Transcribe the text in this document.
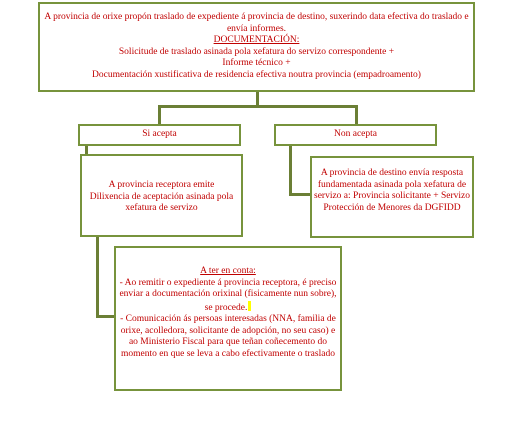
A provincia de orixe propón traslado de expediente á provincia de destino, suxerindo data efectiva do traslado e envía informes.
DOCUMENTACIÓN:
Solicitude de traslado asinada pola xefatura do servizo correspondente +
Informe técnico +
Documentación xustificativa de residencia efectiva noutra provincia (empadroamento)
Si acepta	Non acepta
A provincia receptora emite Dilixencia de aceptación asinada pola xefatura de servizo
A provincia de destino envía resposta fundamentada asinada pola xefatura de servizo a: Provincia solicitante + Servizo Protección de Menores da DGFIDD
A ter en conta:
- Ao remitir o expediente á provincia receptora, é preciso enviar a documentación orixinal (fisicamente nun sobre), se procede.
- Comunicación ás persoas interesadas (NNA, familia de orixe, acolledora, solicitante de adopción, no seu caso) e ao Ministerio Fiscal para que teñan coñecemento do momento en que se leva a cabo efectivamente o traslado
